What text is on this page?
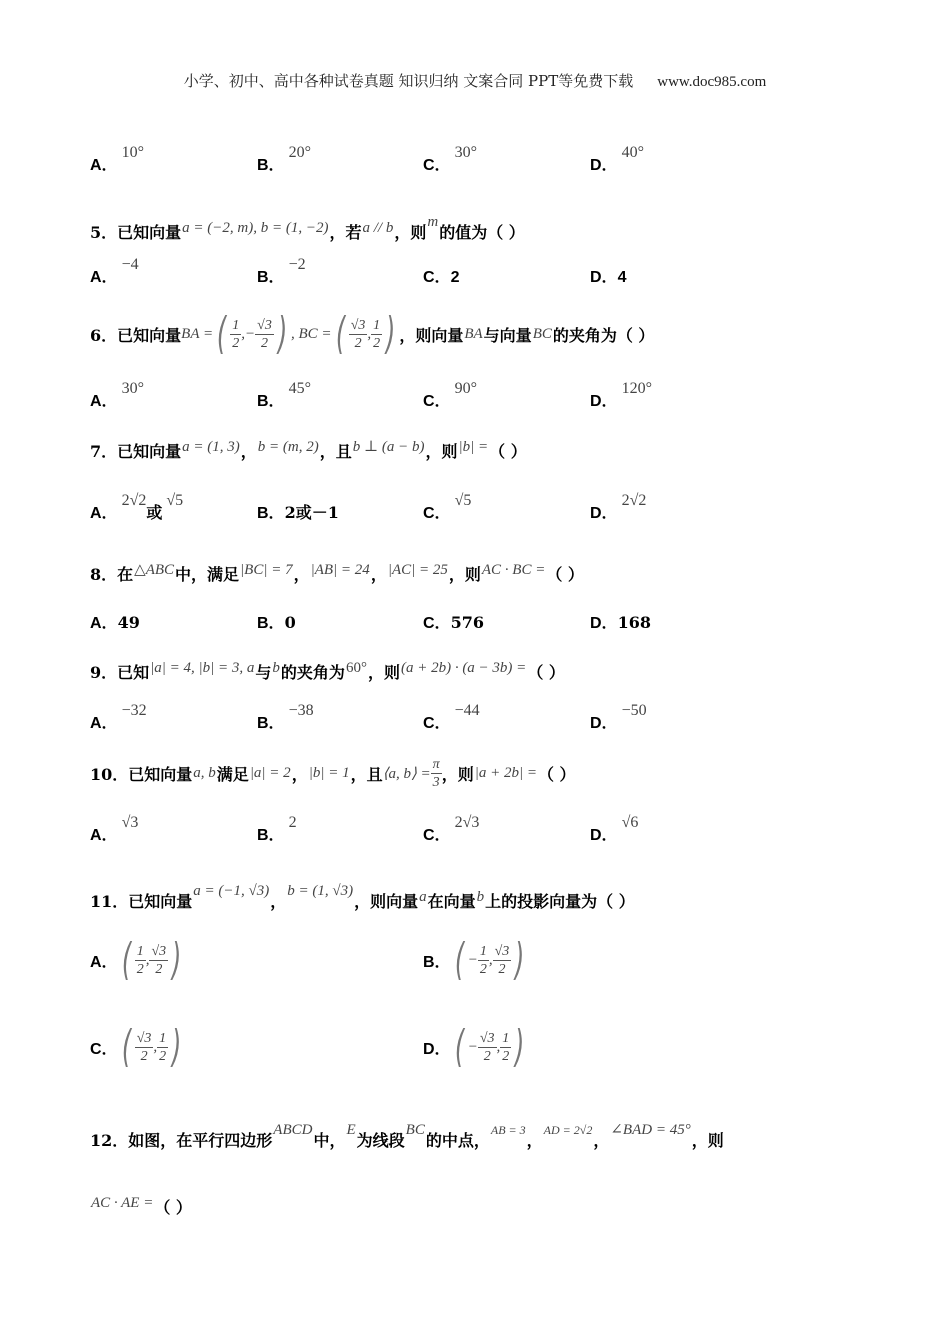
小学、初中、高中各种试卷真题 知识归纳 文案合同 PPT等免费下载 www.doc985.com
A．10°
B．20°
C．30°
D．40°
5．已知向量a = (−2, m), b = (1, −2)，若a // b，则m的值为（ ）
A．−4
B．−2
C．2	D．4
6． 已知向量 BA = ( $\frac{1}{2}$ ,− $\frac{√3}{2}$ ) , BC = ( $\frac{√3}{2}$ , $\frac{1}{2}$ ) ，则向量 BA 与向量 BC 的夹角为（ ）
A．30°
B．45°
C．90°
D．120°
7．已知向量a = (1, 3)，b = (m, 2)，且b ⊥ (a − b)，则|b| =（ ）
A．2√2或√5
B．2或－1	C．√5
D．2√2
8．在△ABC中，满足|BC| = 7，|AB| = 24，|AC| = 25，则AC · BC =（ ）
A．49	B．0	C．576	D．168
9．已知|a| = 4, |b| = 3, a与b的夹角为60°，则(a + 2b) · (a − 3b) =（ ）
A．−32
B．−38
C．−44
D．−50
10． 已知向量 a, b 满足 |a| = 2 ， |b| = 1 ，且 ⟨a, b⟩ = $\frac{\pi}{3}$ ，则 |a + 2b| = （ ）
A．√3
B．2
C．2√3
D．√6
11．已知向量a = (−1, √3)，b = (1, √3)，则向量a在向量b上的投影向量为（ ）
A． ( $\frac{1}{2}$ , $\frac{√3}{2}$ )	B． ( − $\frac{1}{2}$ , $\frac{√3}{2}$ )
C． ( $\frac{√3}{2}$ , $\frac{1}{2}$ )	D． ( − $\frac{√3}{2}$ , $\frac{1}{2}$ )
12．如图，在平行四边形ABCD中，E为线段BC的中点，$^{AB = 3}$，$^{AD = 2√2}$，∠BAD = 45°，则
AC · AE =（ ）
